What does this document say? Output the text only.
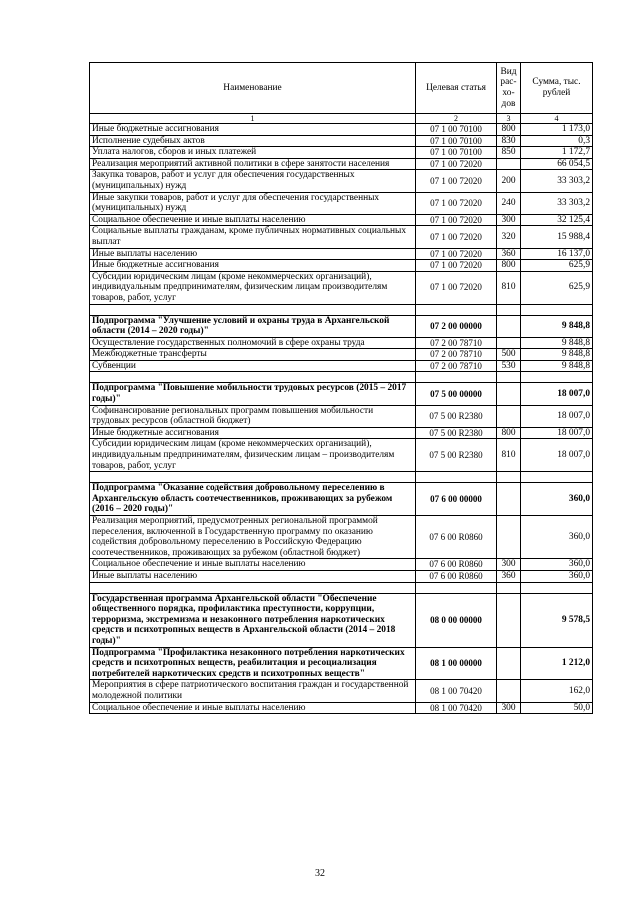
Наименование	Целевая статья	Вид рас-хо-дов	Сумма, тыс. рублей
1	2	3	4
Иные бюджетные ассигнования	07 1 00 70100	800	1 173,0
Исполнение судебных актов	07 1 00 70100	830	0,3
Уплата налогов, сборов и иных платежей	07 1 00 70100	850	1 172,7
Реализация мероприятий активной политики в сфере занятости населения	07 1 00 72020		66 054,5
Закупка товаров, работ и услуг для обеспечения государственных (муниципальных) нужд	07 1 00 72020	200	33 303,2
Иные закупки товаров, работ и услуг для обеспечения государственных (муниципальных) нужд	07 1 00 72020	240	33 303,2
Социальное обеспечение и иные выплаты населению	07 1 00 72020	300	32 125,4
Социальные выплаты гражданам, кроме публичных нормативных социальных выплат	07 1 00 72020	320	15 988,4
Иные выплаты населению	07 1 00 72020	360	16 137,0
Иные бюджетные ассигнования	07 1 00 72020	800	625,9
Субсидии юридическим лицам (кроме некоммерческих организаций), индивидуальным предпринимателям, физическим лицам производителям товаров, работ, услуг	07 1 00 72020	810	625,9

Подпрограмма "Улучшение условий и охраны труда в Архангельской области (2014 – 2020 годы)"	07 2 00 00000		9 848,8
Осуществление государственных полномочий в сфере охраны труда	07 2 00 78710		9 848,8
Межбюджетные трансферты	07 2 00 78710	500	9 848,8
Субвенции	07 2 00 78710	530	9 848,8

Подпрограмма "Повышение мобильности трудовых ресурсов (2015 – 2017 годы)"	07 5 00 00000		18 007,0
Софинансирование региональных программ повышения мобильности трудовых ресурсов (областной бюджет)	07 5 00 R2380		18 007,0
Иные бюджетные ассигнования	07 5 00 R2380	800	18 007,0
Субсидии юридическим лицам (кроме некоммерческих организаций), индивидуальным предпринимателям, физическим лицам – производителям товаров, работ, услуг	07 5 00 R2380	810	18 007,0

Подпрограмма "Оказание содействия добровольному переселению в Архангельскую область соотечественников, проживающих за рубежом (2016 – 2020 годы)"	07 6 00 00000		360,0
Реализация мероприятий, предусмотренных региональной программой переселения, включенной в Государственную программу по оказанию содействия добровольному переселению в Российскую Федерацию соотечественников, проживающих за рубежом (областной бюджет)	07 6 00 R0860		360,0
Социальное обеспечение и иные выплаты населению	07 6 00 R0860	300	360,0
Иные выплаты населению	07 6 00 R0860	360	360,0

Государственная программа Архангельской области "Обеспечение общественного порядка, профилактика преступности, коррупции, терроризма, экстремизма и незаконного потребления наркотических средств и психотропных веществ в Архангельской области (2014 – 2018 годы)"	08 0 00 00000		9 578,5
Подпрограмма "Профилактика незаконного потребления наркотических средств и психотропных веществ, реабилитация и ресоциализация потребителей наркотических средств и психотропных веществ"	08 1 00 00000		1 212,0
Мероприятия в сфере патриотического воспитания граждан и государственной молодежной политики	08 1 00 70420		162,0
Социальное обеспечение и иные выплаты населению	08 1 00 70420	300	50,0
32
